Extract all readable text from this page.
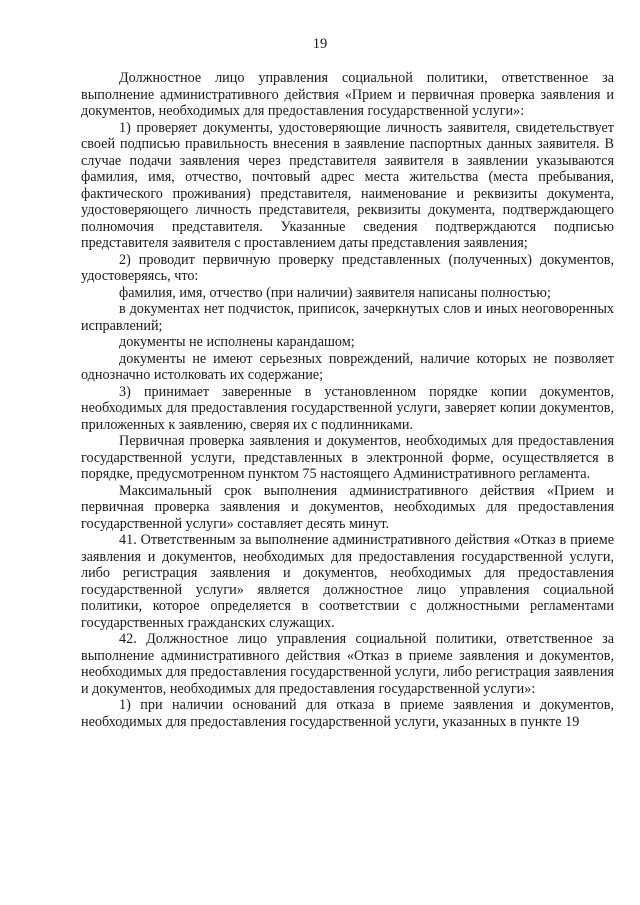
19

Должностное лицо управления социальной политики, ответственное за выполнение административного действия «Прием и первичная проверка заявления и документов, необходимых для предоставления государственной услуги»:

1) проверяет документы, удостоверяющие личность заявителя, свидетельствует своей подписью правильность внесения в заявление паспортных данных заявителя. В случае подачи заявления через представителя заявителя в заявлении указываются фамилия, имя, отчество, почтовый адрес места жительства (места пребывания, фактического проживания) представителя, наименование и реквизиты документа, удостоверяющего личность представителя, реквизиты документа, подтверждающего полномочия представителя. Указанные сведения подтверждаются подписью представителя заявителя с проставлением даты представления заявления;

2) проводит первичную проверку представленных (полученных) документов, удостоверяясь, что:

фамилия, имя, отчество (при наличии) заявителя написаны полностью;

в документах нет подчисток, приписок, зачеркнутых слов и иных неоговоренных исправлений;

документы не исполнены карандашом;

документы не имеют серьезных повреждений, наличие которых не позволяет однозначно истолковать их содержание;

3) принимает заверенные в установленном порядке копии документов, необходимых для предоставления государственной услуги, заверяет копии документов, приложенных к заявлению, сверяя их с подлинниками.

Первичная проверка заявления и документов, необходимых для предоставления государственной услуги, представленных в электронной форме, осуществляется в порядке, предусмотренном пунктом 75 настоящего Административного регламента.

Максимальный срок выполнения административного действия «Прием и первичная проверка заявления и документов, необходимых для предоставления государственной услуги» составляет десять минут.

41. Ответственным за выполнение административного действия «Отказ в приеме заявления и документов, необходимых для предоставления государственной услуги, либо регистрация заявления и документов, необходимых для предоставления государственной услуги» является должностное лицо управления социальной политики, которое определяется в соответствии с должностными регламентами государственных гражданских служащих.

42. Должностное лицо управления социальной политики, ответственное за выполнение административного действия «Отказ в приеме заявления и документов, необходимых для предоставления государственной услуги, либо регистрация заявления и документов, необходимых для предоставления государственной услуги»:

1) при наличии оснований для отказа в приеме заявления и документов, необходимых для предоставления государственной услуги, указанных в пункте 19
